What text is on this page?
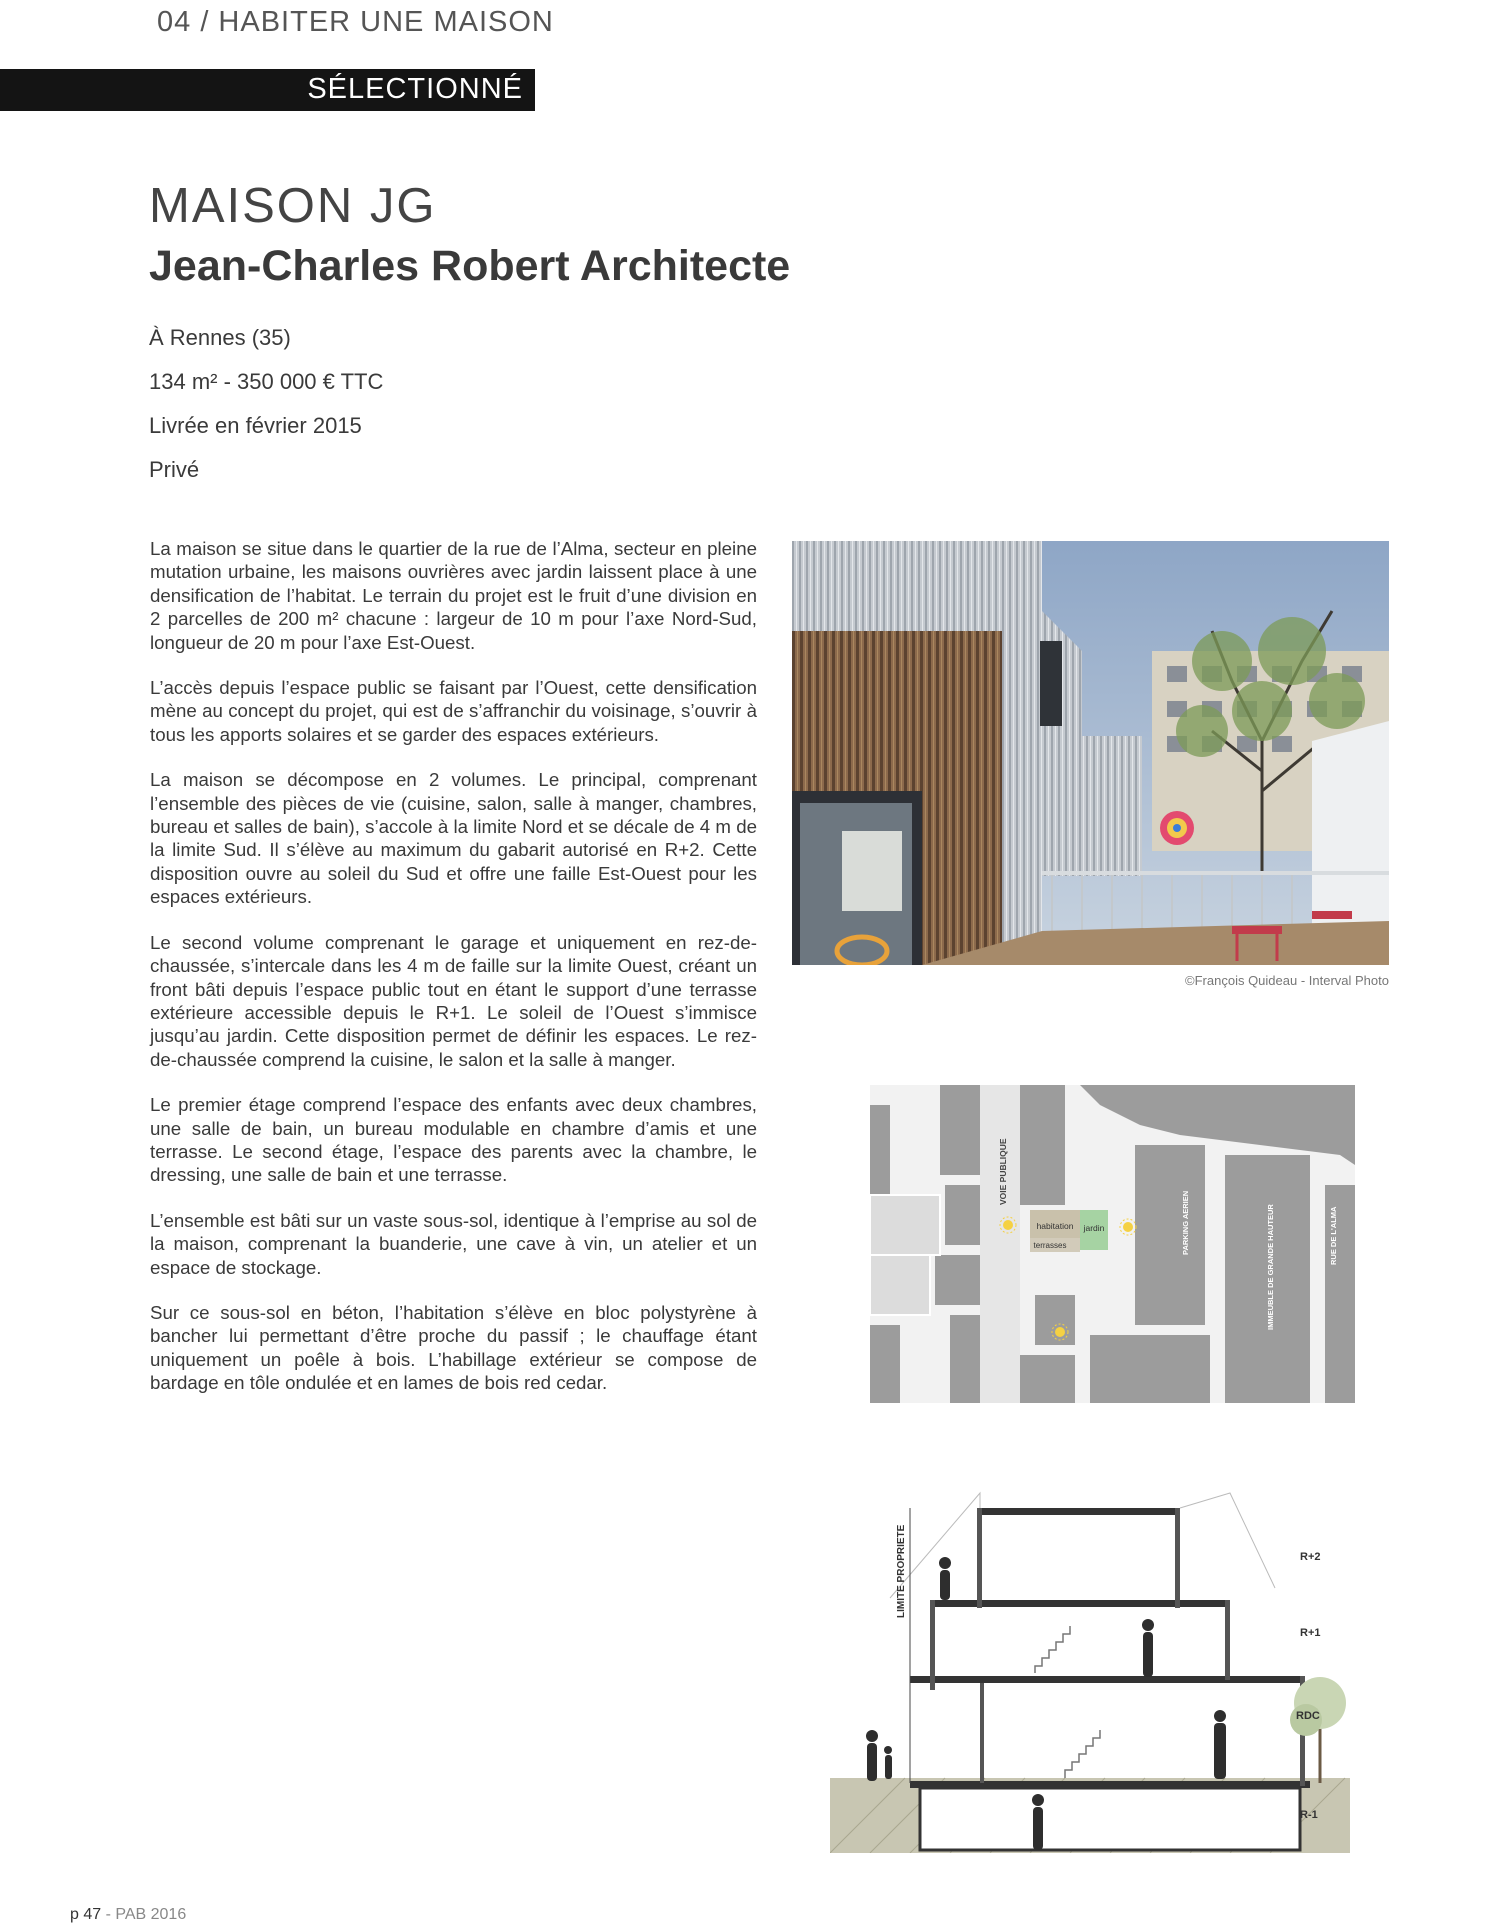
04 / HABITER UNE MAISON
SÉLECTIONNÉ
MAISON JG
Jean-Charles Robert Architecte
À Rennes (35)
134 m² - 350 000 € TTC
Livrée en février 2015
Privé

La maison se situe dans le quartier de la rue de l’Alma, secteur en pleine mutation urbaine, les maisons ouvrières avec jardin laissent place à une densification de l’habitat. Le terrain du projet est le fruit d’une division en 2 parcelles de 200 m² chacune : largeur de 10 m pour l’axe Nord-Sud, longueur de 20 m pour l’axe Est-Ouest.

L’accès depuis l’espace public se faisant par l’Ouest, cette densification mène au concept du projet, qui est de s’affranchir du voisinage, s’ouvrir à tous les apports solaires et se garder des espaces extérieurs.

La maison se décompose en 2 volumes. Le principal, comprenant l’ensemble des pièces de vie (cuisine, salon, salle à manger, chambres, bureau et salles de bain), s’accole à la limite Nord et se décale de 4 m de la limite Sud. Il s’élève au maximum du gabarit autorisé en R+2. Cette disposition ouvre au soleil du Sud et offre une faille Est-Ouest pour les espaces extérieurs.

Le second volume comprenant le garage et uniquement en rez-de-chaussée, s’intercale dans les 4 m de faille sur la limite Ouest, créant un front bâti depuis l’espace public tout en étant le support d’une terrasse extérieure accessible depuis le R+1. Le soleil de l’Ouest s’immisce jusqu’au jardin. Cette disposition permet de définir les espaces. Le rez-de-chaussée comprend la cuisine, le salon et la salle à manger.

Le premier étage comprend l’espace des enfants avec deux chambres, une salle de bain, un bureau modulable en chambre d’amis et une terrasse. Le second étage, l’espace des parents avec la chambre, le dressing, une salle de bain et une terrasse.

L’ensemble est bâti sur un vaste sous-sol, identique à l’emprise au sol de la maison, comprenant la buanderie, une cave à vin, un atelier et un espace de stockage.

Sur ce sous-sol en béton, l’habitation s’élève en bloc polystyrène à bancher lui permettant d’être proche du passif ; le chauffage étant uniquement un poêle à bois. L’habillage extérieur se compose de bardage en tôle ondulée et en lames de bois red cedar.

©François Quideau - Interval Photo
habitation jardin
terrasses
VOIE PUBLIQUE
PARKING AERIEN	IMMEUBLE DE GRANDE HAUTEUR	RUE DE L'ALMA
LIMITE PROPRIETE	R+2
R+1
RDC
R-1
p 47 - PAB 2016
